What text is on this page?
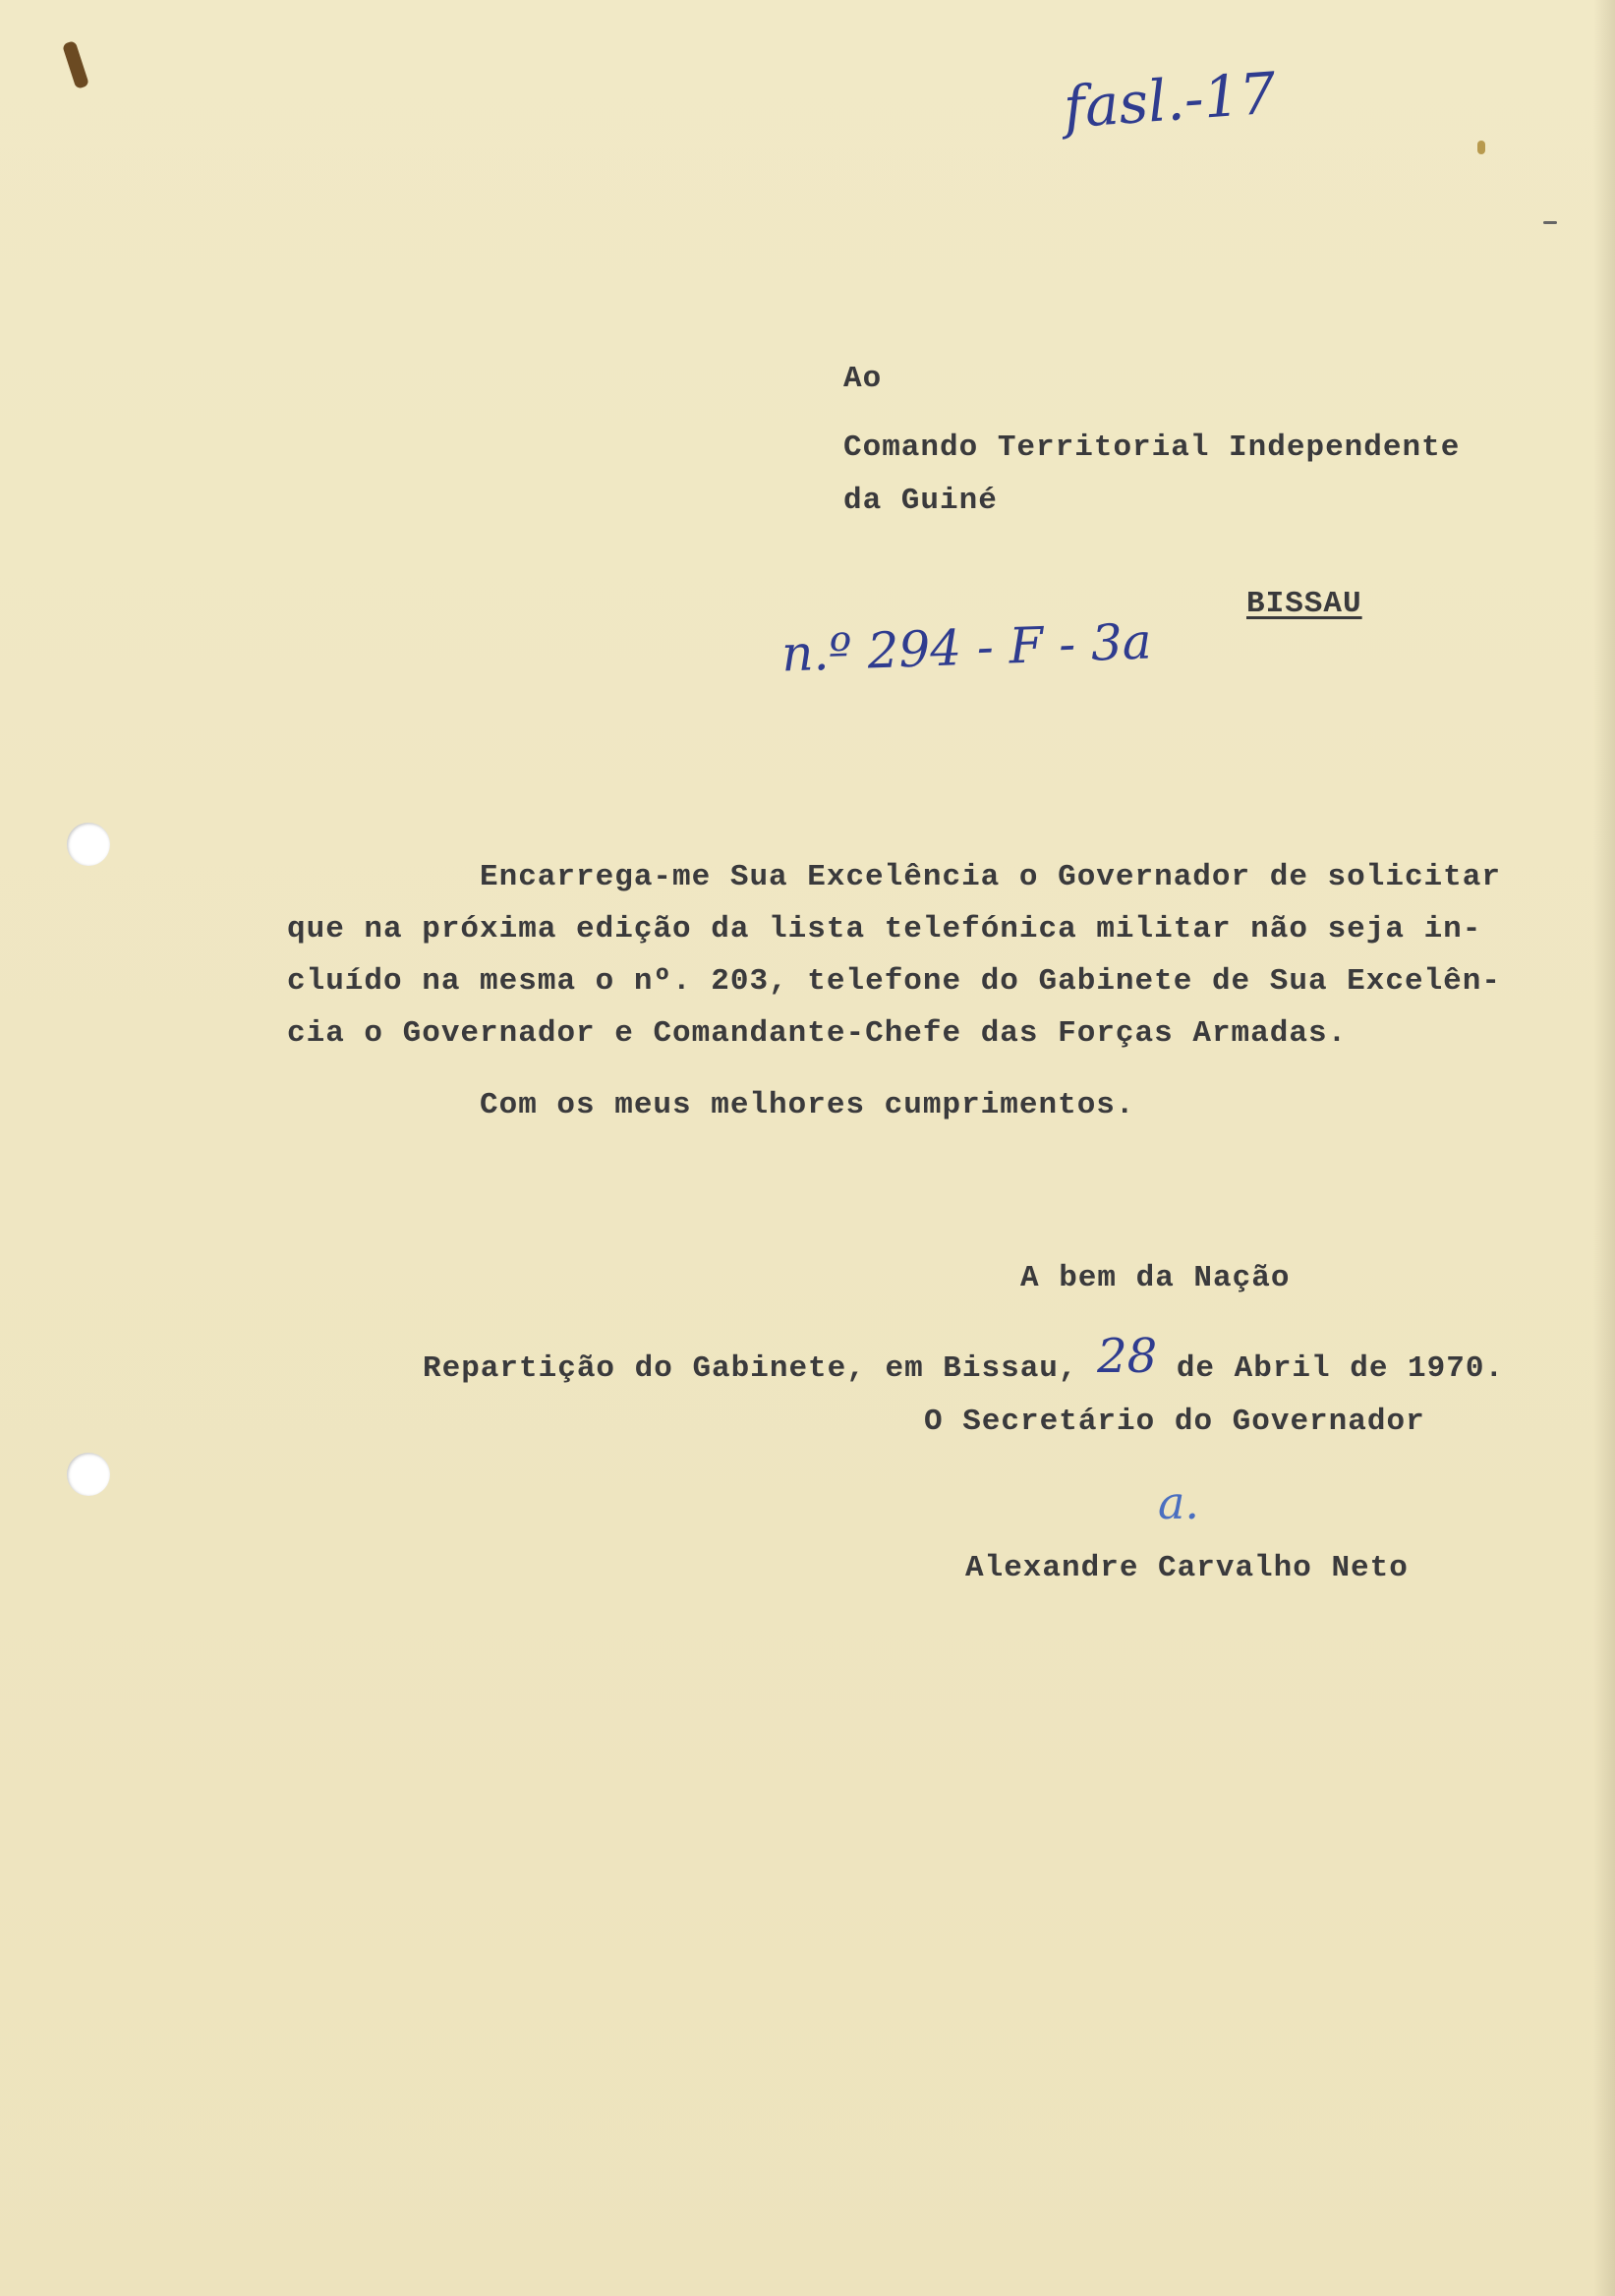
fasl.-17
Ao
Comando Territorial Independente
da Guiné
BISSAU
n.º 294 - F - 3a
Encarrega-me Sua Excelência o Governador de solicitar
que na próxima edição da lista telefónica militar não seja in-
cluído na mesma o nº. 203, telefone do Gabinete de Sua Excelên-
cia o Governador e Comandante-Chefe das Forças Armadas.
Com os meus melhores cumprimentos.
A bem da Nação
Repartição do Gabinete, em Bissau, 28 de Abril de 1970.
O Secretário do Governador
a.
Alexandre Carvalho Neto
